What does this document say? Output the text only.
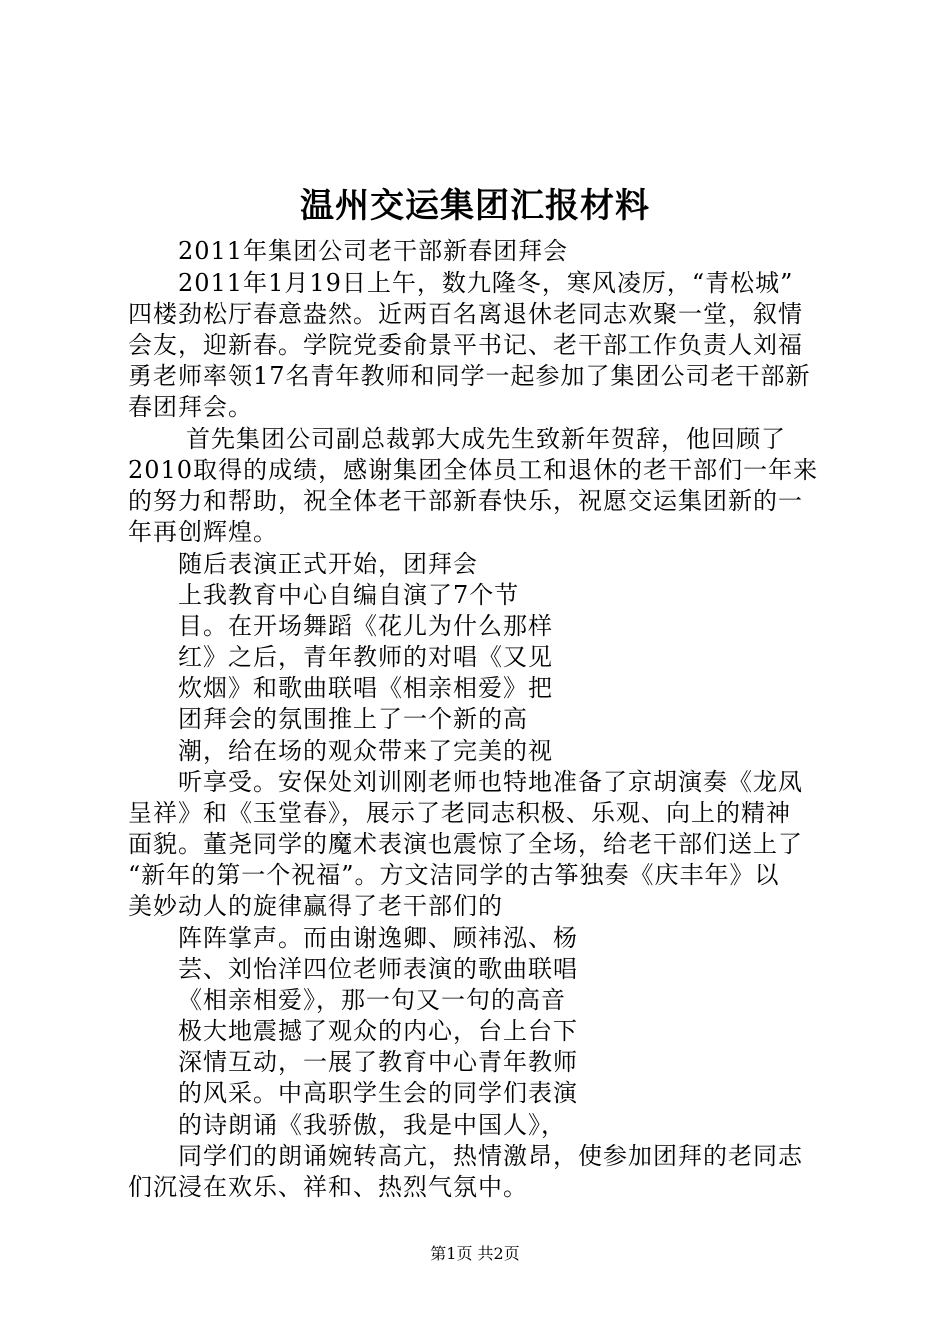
温州交运集团汇报材料
2011年集团公司老干部新春团拜会
2011年1月19日上午，数九隆冬，寒风凌厉，“青松城”
四楼劲松厅春意盎然。近两百名离退休老同志欢聚一堂，叙情
会友，迎新春。学院党委俞景平书记、老干部工作负责人刘福
勇老师率领17名青年教师和同学一起参加了集团公司老干部新
春团拜会。
首先集团公司副总裁郭大成先生致新年贺辞，他回顾了
2010取得的成绩，感谢集团全体员工和退休的老干部们一年来
的努力和帮助，祝全体老干部新春快乐，祝愿交运集团新的一
年再创辉煌。
随后表演正式开始，团拜会
上我教育中心自编自演了7个节
目。在开场舞蹈《花儿为什么那样
红》之后，青年教师的对唱《又见
炊烟》和歌曲联唱《相亲相爱》把
团拜会的氛围推上了一个新的高
潮，给在场的观众带来了完美的视
听享受。安保处刘训刚老师也特地准备了京胡演奏《龙凤
呈祥》和《玉堂春》，展示了老同志积极、乐观、向上的精神
面貌。董尧同学的魔术表演也震惊了全场，给老干部们送上了
“新年的第一个祝福”。方文洁同学的古筝独奏《庆丰年》以
美妙动人的旋律赢得了老干部们的
阵阵掌声。而由谢逸卿、顾祎泓、杨
芸、刘怡洋四位老师表演的歌曲联唱
《相亲相爱》，那一句又一句的高音
极大地震撼了观众的内心，台上台下
深情互动，一展了教育中心青年教师
的风采。中高职学生会的同学们表演
的诗朗诵《我骄傲，我是中国人》，
同学们的朗诵婉转高亢，热情激昂，使参加团拜的老同志
们沉浸在欢乐、祥和、热烈气氛中。
第1页 共2页
